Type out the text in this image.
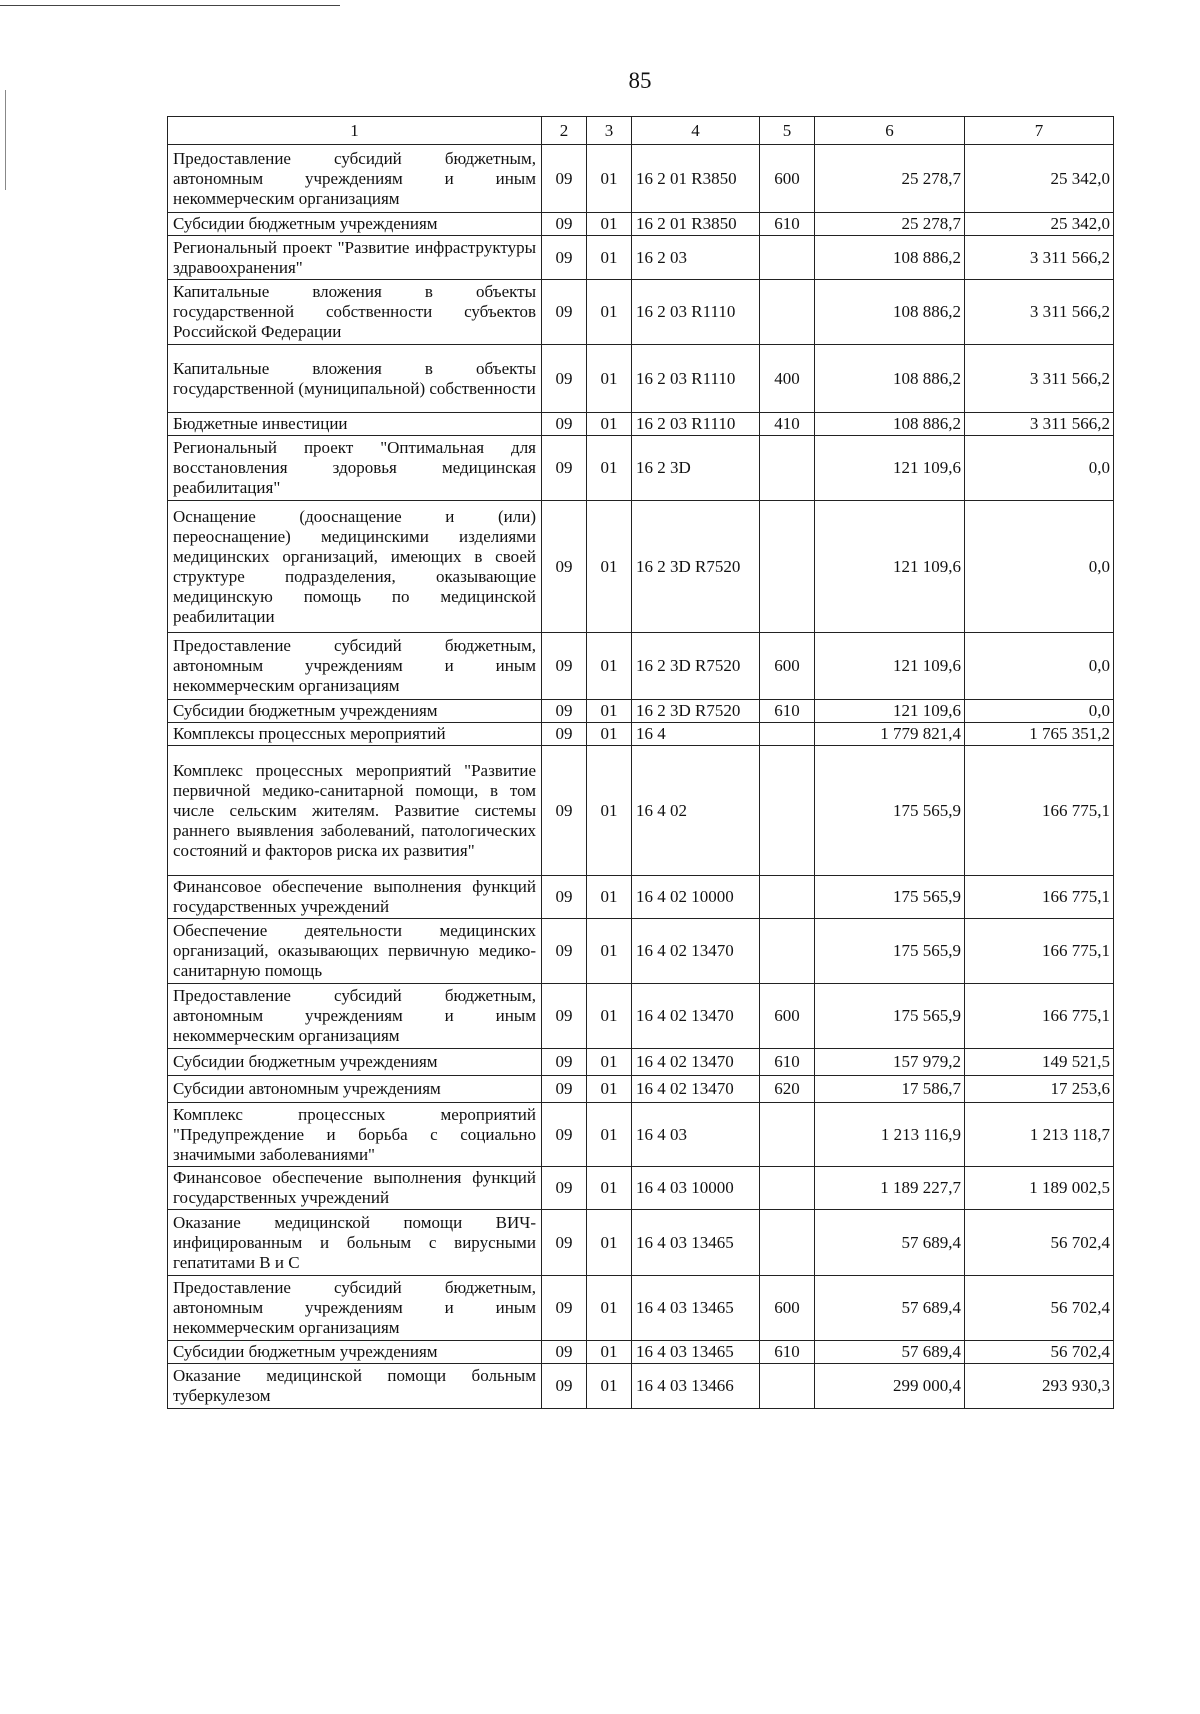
85
1	2	3	4	5	6	7
Предоставление субсидий бюджетным, автономным учреждениям и иным некоммерческим организациям	09	01	16 2 01 R3850	600	25 278,7	25 342,0
Субсидии бюджетным учреждениям	09	01	16 2 01 R3850	610	25 278,7	25 342,0
Региональный проект "Развитие инфраструктуры здравоохранения"	09	01	16 2 03		108 886,2	3 311 566,2
Капитальные вложения в объекты государственной собственности субъектов Российской Федерации	09	01	16 2 03 R1110		108 886,2	3 311 566,2
Капитальные вложения в объекты государственной (муниципальной) собственности	09	01	16 2 03 R1110	400	108 886,2	3 311 566,2
Бюджетные инвестиции	09	01	16 2 03 R1110	410	108 886,2	3 311 566,2
Региональный проект "Оптимальная для восстановления здоровья медицинская реабилитация"	09	01	16 2 3D		121 109,6	0,0
Оснащение (дооснащение и (или) переоснащение) медицинскими изделиями медицинских организаций, имеющих в своей структуре подразделения, оказывающие медицинскую помощь по медицинской реабилитации	09	01	16 2 3D R7520		121 109,6	0,0
Предоставление субсидий бюджетным, автономным учреждениям и иным некоммерческим организациям	09	01	16 2 3D R7520	600	121 109,6	0,0
Субсидии бюджетным учреждениям	09	01	16 2 3D R7520	610	121 109,6	0,0
Комплексы процессных мероприятий	09	01	16 4		1 779 821,4	1 765 351,2
Комплекс процессных мероприятий "Развитие первичной медико-санитарной помощи, в том числе сельским жителям. Развитие системы раннего выявления заболеваний, патологических состояний и факторов риска их развития"	09	01	16 4 02		175 565,9	166 775,1
Финансовое обеспечение выполнения функций государственных учреждений	09	01	16 4 02 10000		175 565,9	166 775,1
Обеспечение деятельности медицинских организаций, оказывающих первичную медико-санитарную помощь	09	01	16 4 02 13470		175 565,9	166 775,1
Предоставление субсидий бюджетным, автономным учреждениям и иным некоммерческим организациям	09	01	16 4 02 13470	600	175 565,9	166 775,1
Субсидии бюджетным учреждениям	09	01	16 4 02 13470	610	157 979,2	149 521,5
Субсидии автономным учреждениям	09	01	16 4 02 13470	620	17 586,7	17 253,6
Комплекс процессных мероприятий "Предупреждение и борьба с социально значимыми заболеваниями"	09	01	16 4 03		1 213 116,9	1 213 118,7
Финансовое обеспечение выполнения функций государственных учреждений	09	01	16 4 03 10000		1 189 227,7	1 189 002,5
Оказание медицинской помощи ВИЧ-инфицированным и больным с вирусными гепатитами В и С	09	01	16 4 03 13465		57 689,4	56 702,4
Предоставление субсидий бюджетным, автономным учреждениям и иным некоммерческим организациям	09	01	16 4 03 13465	600	57 689,4	56 702,4
Субсидии бюджетным учреждениям	09	01	16 4 03 13465	610	57 689,4	56 702,4
Оказание медицинской помощи больным туберкулезом	09	01	16 4 03 13466		299 000,4	293 930,3
